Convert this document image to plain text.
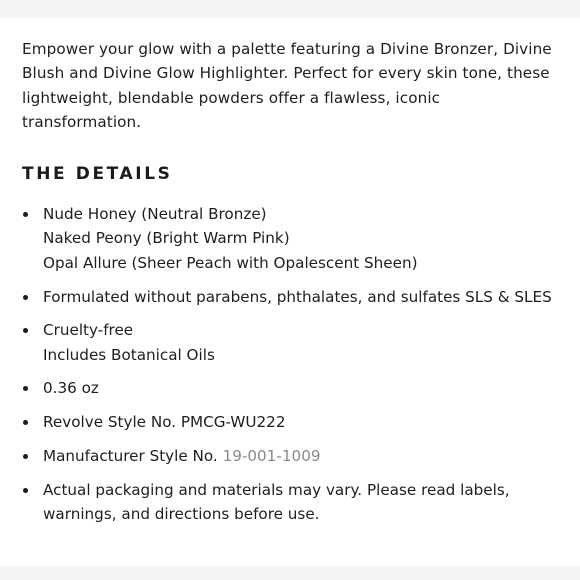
Empower your glow with a palette featuring a Divine Bronzer, Divine Blush and Divine Glow Highlighter. Perfect for every skin tone, these lightweight, blendable powders offer a flawless, iconic transformation.

THE DETAILS
Nude Honey (Neutral Bronze)
Naked Peony (Bright Warm Pink)
Opal Allure (Sheer Peach with Opalescent Sheen)
Formulated without parabens, phthalates, and sulfates SLS & SLES
Cruelty-free
Includes Botanical Oils
0.36 oz
Revolve Style No. PMCG-WU222
Manufacturer Style No. 19-001-1009
Actual packaging and materials may vary. Please read labels, warnings, and directions before use.
